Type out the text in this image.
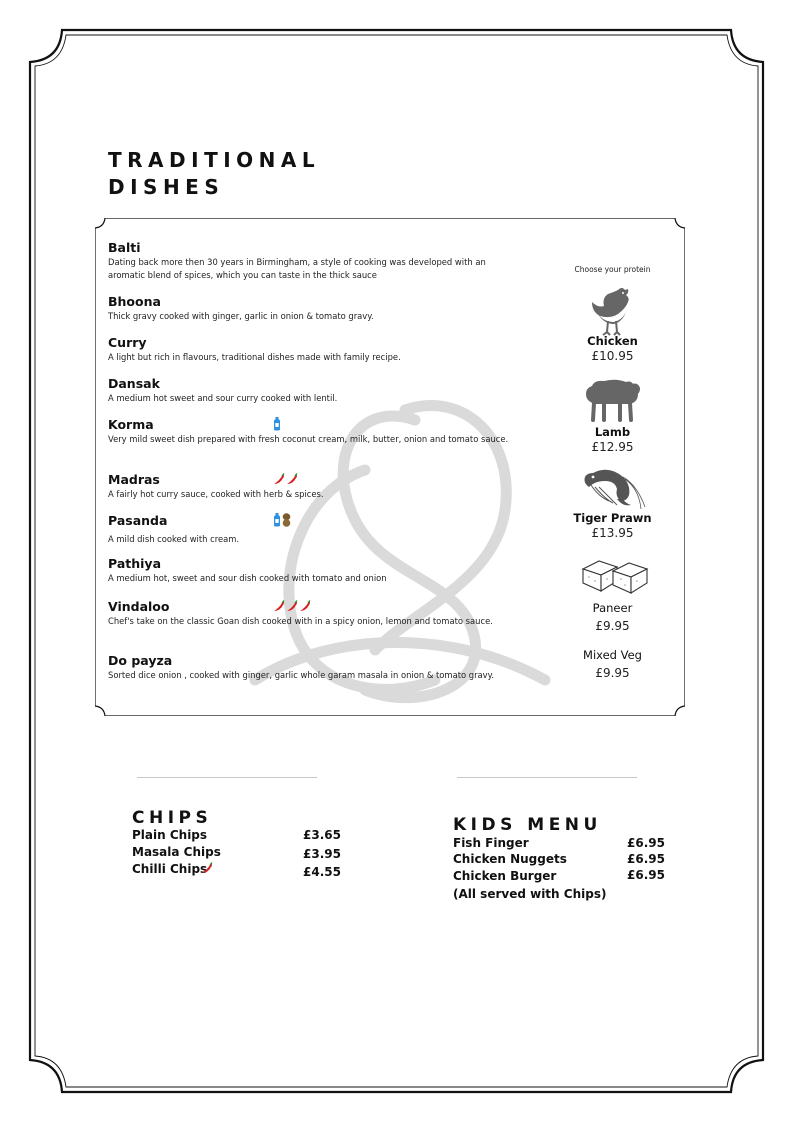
TRADITIONAL
DISHES
Balti
Dating back more then 30 years in Birmingham, a style of cooking was developed with an aromatic blend of spices, which you can taste in the thick sauce
Bhoona
Thick gravy cooked with ginger, garlic in onion & tomato gravy.
Curry
A light but rich in flavours, traditional dishes made with family recipe.
Dansak
A medium hot sweet and sour curry cooked with lentil.
Korma
Very mild sweet dish prepared with fresh coconut cream, milk, butter, onion and tomato sauce.
Madras
A fairly hot curry sauce, cooked with herb & spices.
Pasanda
A mild dish cooked with cream.
Pathiya
A medium hot, sweet and sour dish cooked with tomato and onion
Vindaloo
Chef's take on the classic Goan dish cooked with in a spicy onion, lemon and tomato sauce.
Do payza
Sorted dice onion , cooked with ginger, garlic whole garam masala in onion & tomato gravy.
Choose your protein
Chicken
£10.95
Lamb
£12.95
Tiger Prawn
£13.95
Paneer
£9.95
Mixed Veg
£9.95
CHIPS
Plain Chips	£3.65
Masala Chips	£3.95
Chilli Chips	£4.55
KIDS MENU
Fish Finger	£6.95
Chicken Nuggets	£6.95
Chicken Burger	£6.95
(All served with Chips)
